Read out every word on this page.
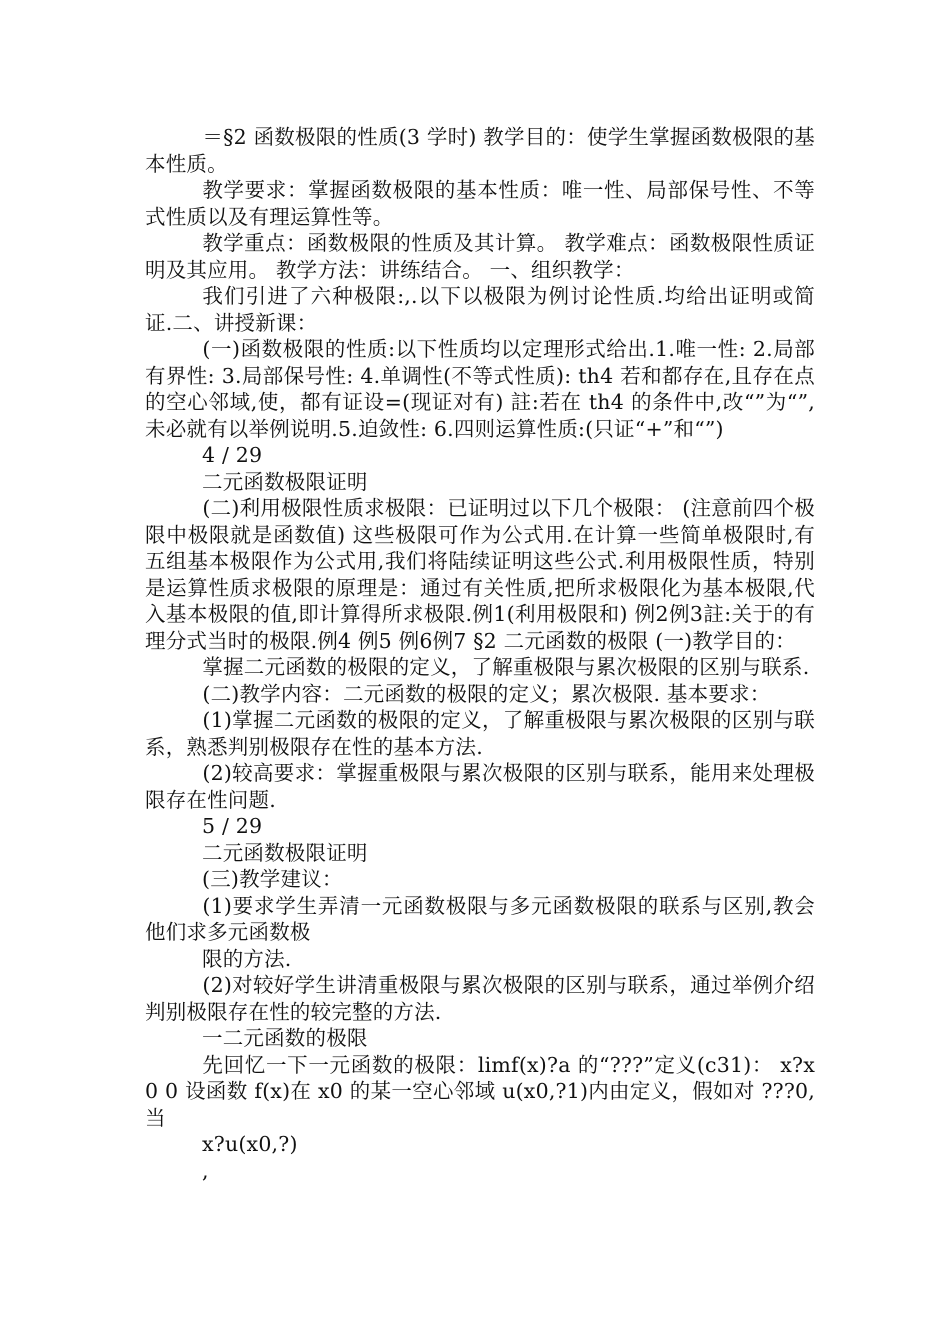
＝§2 函数极限的性质(3 学时) 教学目的：使学生掌握函数极限的基本性质。

教学要求：掌握函数极限的基本性质：唯一性、局部保号性、不等式性质以及有理运算性等。

教学重点：函数极限的性质及其计算。 教学难点：函数极限性质证明及其应用。 教学方法：讲练结合。 一、组织教学：

我们引进了六种极限:,.以下以极限为例讨论性质.均给出证明或简证.二、讲授新课：

(一)函数极限的性质:以下性质均以定理形式给出.1.唯一性: 2.局部有界性: 3.局部保号性: 4.单调性(不等式性质): th4 若和都存在,且存在点的空心邻域,使，都有证设=(现证对有) 註:若在 th4 的条件中,改“”为“”,未必就有以举例说明.5.迫敛性: 6.四则运算性质:(只证“+”和“”)

4 / 29

二元函数极限证明

(二)利用极限性质求极限：已证明过以下几个极限： (注意前四个极限中极限就是函数值) 这些极限可作为公式用.在计算一些简单极限时,有五组基本极限作为公式用,我们将陆续证明这些公式.利用极限性质，特别是运算性质求极限的原理是：通过有关性质,把所求极限化为基本极限,代入基本极限的值,即计算得所求极限.例1(利用极限和) 例2例3註:关于的有理分式当时的极限.例4 例5 例6例7 §2 二元函数的极限 (一)教学目的：

掌握二元函数的极限的定义，了解重极限与累次极限的区别与联系.

(二)教学内容：二元函数的极限的定义；累次极限. 基本要求：

(1)掌握二元函数的极限的定义，了解重极限与累次极限的区别与联系，熟悉判别极限存在性的基本方法.

(2)较高要求：掌握重极限与累次极限的区别与联系，能用来处理极限存在性问题.

5 / 29

二元函数极限证明

(三)教学建议：

(1)要求学生弄清一元函数极限与多元函数极限的联系与区别,教会他们求多元函数极

限的方法.

(2)对较好学生讲清重极限与累次极限的区别与联系，通过举例介绍判别极限存在性的较完整的方法.

一二元函数的极限

先回忆一下一元函数的极限：limf(x)?a 的“???”定义(c31)： x?x0 0 设函数 f(x)在 x0 的某一空心邻域 u(x0,?1)内由定义，假如对 ???0,当

x?u(x0,?)

,
